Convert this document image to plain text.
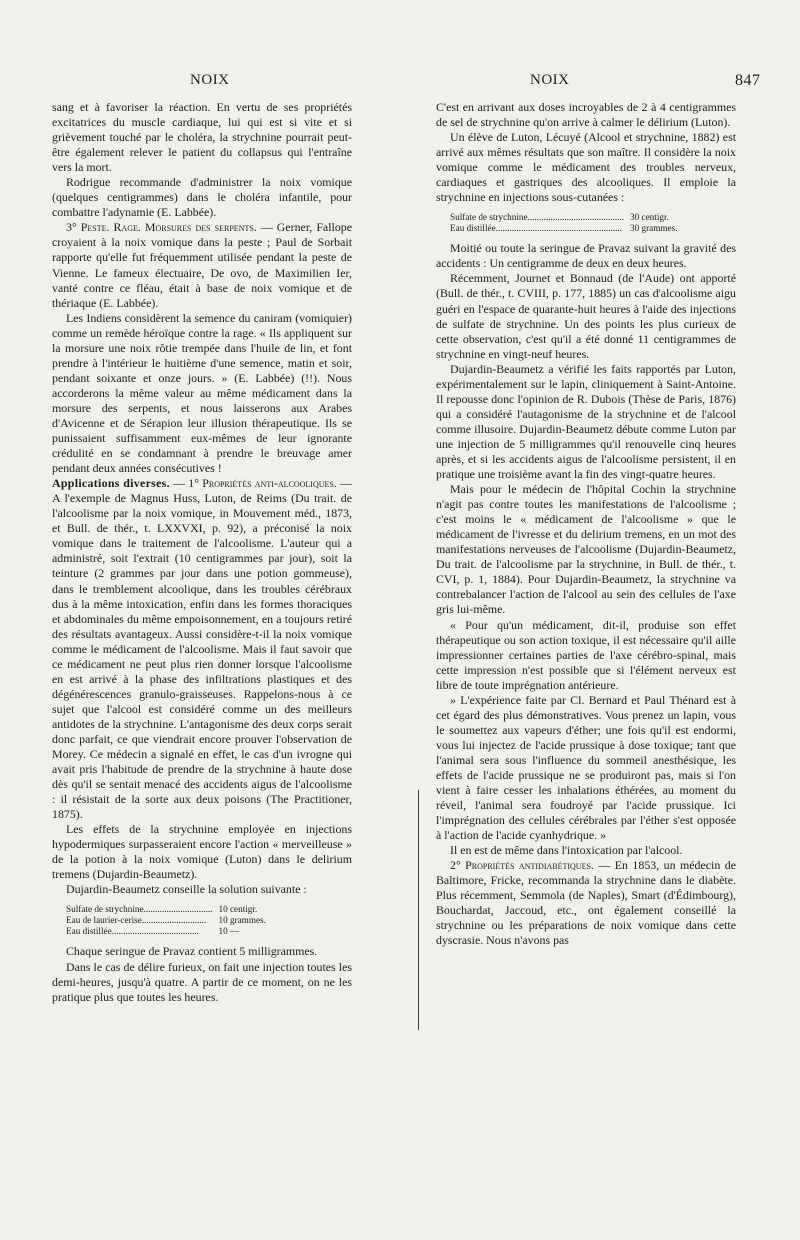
NOIX	NOIX	847

sang et à favoriser la réaction. En vertu de ses propriétés excitatrices du muscle cardiaque, lui qui est si vite et si grièvement touché par le choléra, la strychnine pourrait peut-être également relever le patient du collapsus qui l'entraîne vers la mort.

Rodrigue recommande d'administrer la noix vomique (quelques centigrammes) dans le choléra infantile, pour combattre l'adynamie (E. Labbée).

3° Peste. Rage. Morsures des serpents. — Gerner, Fallope croyaient à la noix vomique dans la peste ; Paul de Sorbait rapporte qu'elle fut fréquemment utilisée pendant la peste de Vienne. Le fameux électuaire, De ovo, de Maximilien Ier, vanté contre ce fléau, était à base de noix vomique et de thériaque (E. Labbée).

Les Indiens considèrent la semence du caniram (vomiquier) comme un remède héroïque contre la rage. « Ils appliquent sur la morsure une noix rôtie trempée dans l'huile de lin, et font prendre à l'intérieur le huitième d'une semence, matin et soir, pendant soixante et onze jours. » (E. Labbée) (!!). Nous accorderons la même valeur au même médicament dans la morsure des serpents, et nous laisserons aux Arabes d'Avicenne et de Sérapion leur illusion thérapeutique. Ils se punissaient suffisamment eux-mêmes de leur ignorante crédulité en se condamnant à prendre le breuvage amer pendant deux années consécutives !

Applications diverses. — 1° Propriétés anti-alcooliques. — A l'exemple de Magnus Huss, Luton, de Reims (Du trait. de l'alcoolisme par la noix vomique, in Mouvement méd., 1873, et Bull. de thér., t. LXXVXI, p. 92), a préconisé la noix vomique dans le traitement de l'alcoolisme. L'auteur qui a administré, soit l'extrait (10 centigrammes par jour), soit la teinture (2 grammes par jour dans une potion gommeuse), dans le tremblement alcoolique, dans les troubles cérébraux dus à la même intoxication, enfin dans les formes thoraciques et abdominales du même empoisonnement, en a toujours retiré des résultats avantageux. Aussi considère-t-il la noix vomique comme le médicament de l'alcoolisme. Mais il faut savoir que ce médicament ne peut plus rien donner lorsque l'alcoolisme en est arrivé à la phase des infiltrations plastiques et des dégénérescences granulo-graisseuses. Rappelons-nous à ce sujet que l'alcool est considéré comme un des meilleurs antidotes de la strychnine. L'antagonisme des deux corps serait donc parfait, ce que viendrait encore prouver l'observation de Morey. Ce médecin a signalé en effet, le cas d'un ivrogne qui avait pris l'habitude de prendre de la strychnine à haute dose dès qu'il se sentait menacé des accidents aigus de l'alcoolisme : il résistait de la sorte aux deux poisons (The Practitioner, 1875).

Les effets de la strychnine employée en injections hypodermiques surpasseraient encore l'action « merveilleuse » de la potion à la noix vomique (Luton) dans le delirium tremens (Dujardin-Beaumetz).

Dujardin-Beaumetz conseille la solution suivante :

Sulfate de strychnine..............................	10 centigr.
Eau de laurier-cerise............................	10 grammes.
Eau distillée......................................	10 —

Chaque seringue de Pravaz contient 5 milligrammes.

Dans le cas de délire furieux, on fait une injection toutes les demi-heures, jusqu'à quatre. A partir de ce moment, on ne les pratique plus que toutes les heures.

C'est en arrivant aux doses incroyables de 2 à 4 centigrammes de sel de strychnine qu'on arrive à calmer le délirium (Luton).

Un élève de Luton, Lécuyé (Alcool et strychnine, 1882) est arrivé aux mêmes résultats que son maître. Il considère la noix vomique comme le médicament des troubles nerveux, cardiaques et gastriques des alcooliques. Il emploie la strychnine en injections sous-cutanées :

Sulfate de strychnine..........................................	30 centigr.
Eau distillée.......................................................	30 grammes.

Moitié ou toute la seringue de Pravaz suivant la gravité des accidents : Un centigramme de deux en deux heures.

Récemment, Journet et Bonnaud (de l'Aude) ont apporté (Bull. de thér., t. CVIII, p. 177, 1885) un cas d'alcoolisme aigu guéri en l'espace de quarante-huit heures à l'aide des injections de sulfate de strychnine. Un des points les plus curieux de cette observation, c'est qu'il a été donné 11 centigrammes de strychnine en vingt-neuf heures.

Dujardin-Beaumetz a vérifié les faits rapportés par Luton, expérimentalement sur le lapin, cliniquement à Saint-Antoine. Il repousse donc l'opinion de R. Dubois (Thèse de Paris, 1876) qui a considéré l'autagonisme de la strychnine et de l'alcool comme illusoire. Dujardin-Beaumetz débute comme Luton par une injection de 5 milligrammes qu'il renouvelle cinq heures après, et si les accidents aigus de l'alcoolisme persistent, il en pratique une troisième avant la fin des vingt-quatre heures.

Mais pour le médecin de l'hôpital Cochin la strychnine n'agit pas contre toutes les manifestations de l'alcoolisme ; c'est moins le « médicament de l'alcoolisme » que le médicament de l'ivresse et du delirium tremens, en un mot des manifestations nerveuses de l'alcoolisme (Dujardin-Beaumetz, Du trait. de l'alcoolisme par la strychnine, in Bull. de thér., t. CVI, p. 1, 1884). Pour Dujardin-Beaumetz, la strychnine va contrebalancer l'action de l'alcool au sein des cellules de l'axe gris lui-même.

« Pour qu'un médicament, dit-il, produise son effet thérapeutique ou son action toxique, il est nécessaire qu'il aille impressionner certaines parties de l'axe cérébro-spinal, mais cette impression n'est possible que si l'élément nerveux est libre de toute imprégnation antérieure.

» L'expérience faite par Cl. Bernard et Paul Thénard est à cet égard des plus démonstratives. Vous prenez un lapin, vous le soumettez aux vapeurs d'éther; une fois qu'il est endormi, vous lui injectez de l'acide prussique à dose toxique; tant que l'animal sera sous l'influence du sommeil anesthésique, les effets de l'acide prussique ne se produiront pas, mais si l'on vient à faire cesser les inhalations éthérées, au moment du réveil, l'animal sera foudroyé par l'acide prussique. Ici l'imprégnation des cellules cérébrales par l'éther s'est opposée à l'action de l'acide cyanhydrique. »

Il en est de même dans l'intoxication par l'alcool.

2° Propriétés antidiabétiques. — En 1853, un médecin de Baltimore, Fricke, recommanda la strychnine dans le diabète. Plus récemment, Semmola (de Naples), Smart (d'Édimbourg), Bouchardat, Jaccoud, etc., ont également conseillé la strychnine ou les préparations de noix vomique dans cette dyscrasie. Nous n'avons pas
